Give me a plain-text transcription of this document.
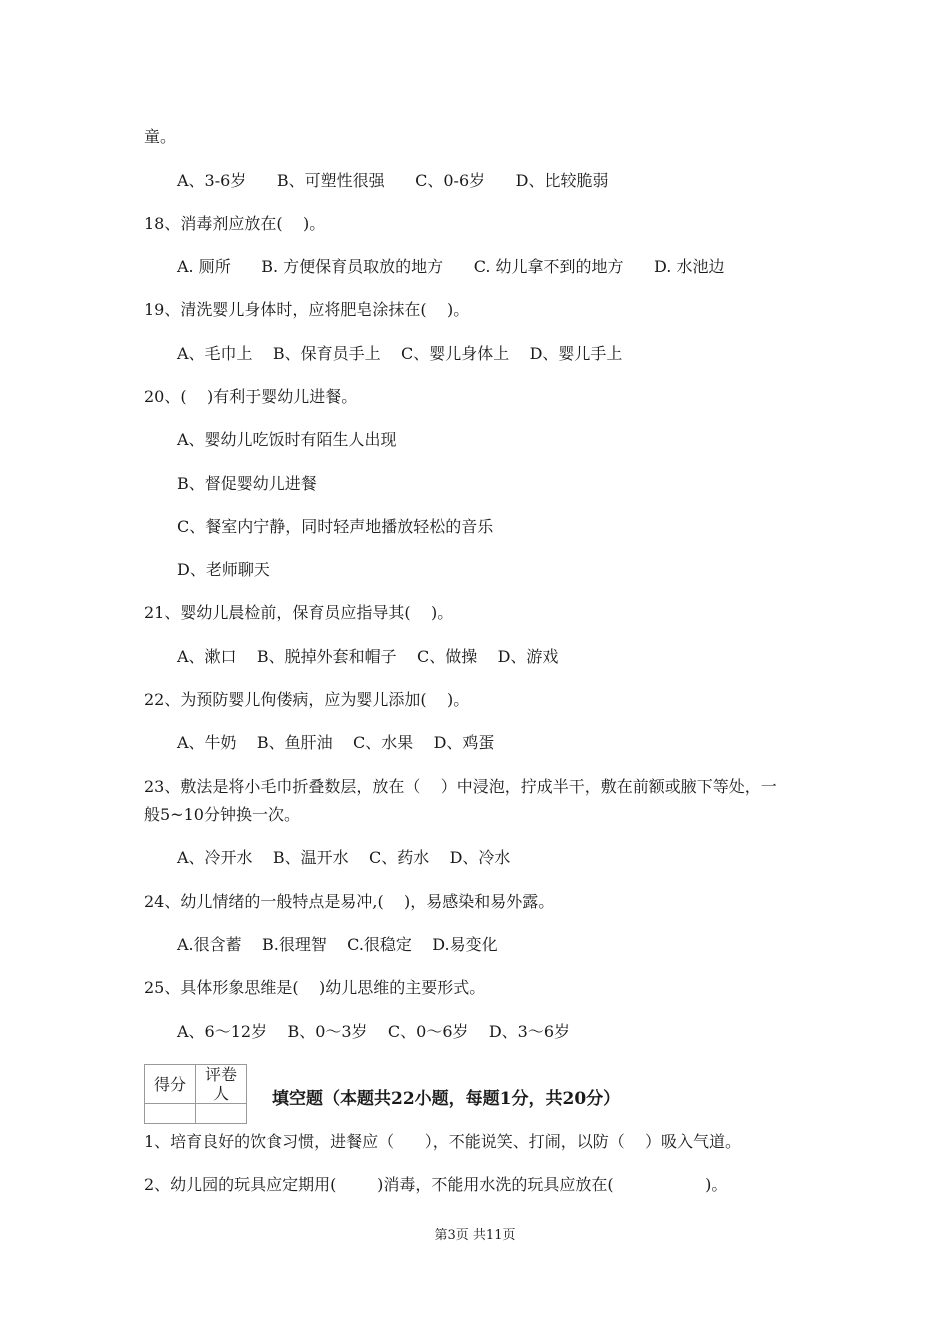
童。
A、3-6岁      B、可塑性很强      C、0-6岁      D、比较脆弱
18、消毒剂应放在(    )。
A. 厕所      B. 方便保育员取放的地方      C. 幼儿拿不到的地方      D. 水池边
19、清洗婴儿身体时，应将肥皂涂抹在(    )。
A、毛巾上    B、保育员手上    C、婴儿身体上    D、婴儿手上
20、(    )有利于婴幼儿进餐。
A、婴幼儿吃饭时有陌生人出现
B、督促婴幼儿进餐
C、餐室内宁静，同时轻声地播放轻松的音乐
D、老师聊天
21、婴幼儿晨检前，保育员应指导其(    )。
A、漱口    B、脱掉外套和帽子    C、做操    D、游戏
22、为预防婴儿佝偻病，应为婴儿添加(    )。
A、牛奶    B、鱼肝油    C、水果    D、鸡蛋
23、敷法是将小毛巾折叠数层，放在（    ）中浸泡，拧成半干，敷在前额或腋下等处，一
般5~10分钟换一次。
A、冷开水    B、温开水    C、药水    D、冷水
24、幼儿情绪的一般特点是易冲,(    )，易感染和易外露。
A.很含蓄    B.很理智    C.很稳定    D.易变化
25、具体形象思维是(    )幼儿思维的主要形式。
A、6～12岁    B、0～3岁    C、0～6岁    D、3～6岁
1、培育良好的饮食习惯，进餐应（      ），不能说笑、打闹，以防（    ）吸入气道。
2、幼儿园的玩具应定期用(        )消毒，不能用水洗的玩具应放在(                  )。
得分	评卷人
		填空题（本题共22小题，每题1分，共20分）
第3页 共11页
